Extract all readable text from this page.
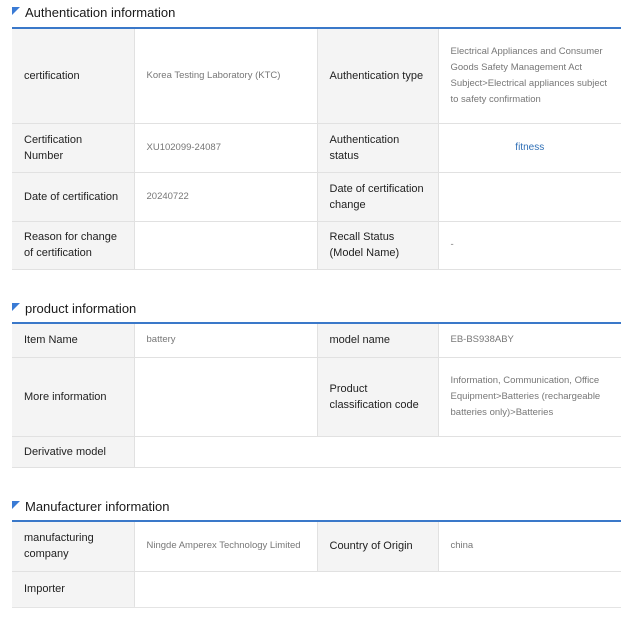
Authentication information
certification	Korea Testing Laboratory (KTC)	Authentication type	Electrical Appliances and Consumer Goods Safety Management Act Subject>Electrical appliances subject to safety confirmation
Certification Number	XU102099-24087	Authentication status	fitness
Date of certification	20240722	Date of certification change	
Reason for change of certification		Recall Status (Model Name)	-
product information
Item Name	battery	model name	EB-BS938ABY
More information		Product classification code	Information, Communication, Office Equipment>Batteries (rechargeable batteries only)>Batteries
Derivative model			
Manufacturer information
manufacturing company	Ningde Amperex Technology Limited	Country of Origin	china
Importer			
